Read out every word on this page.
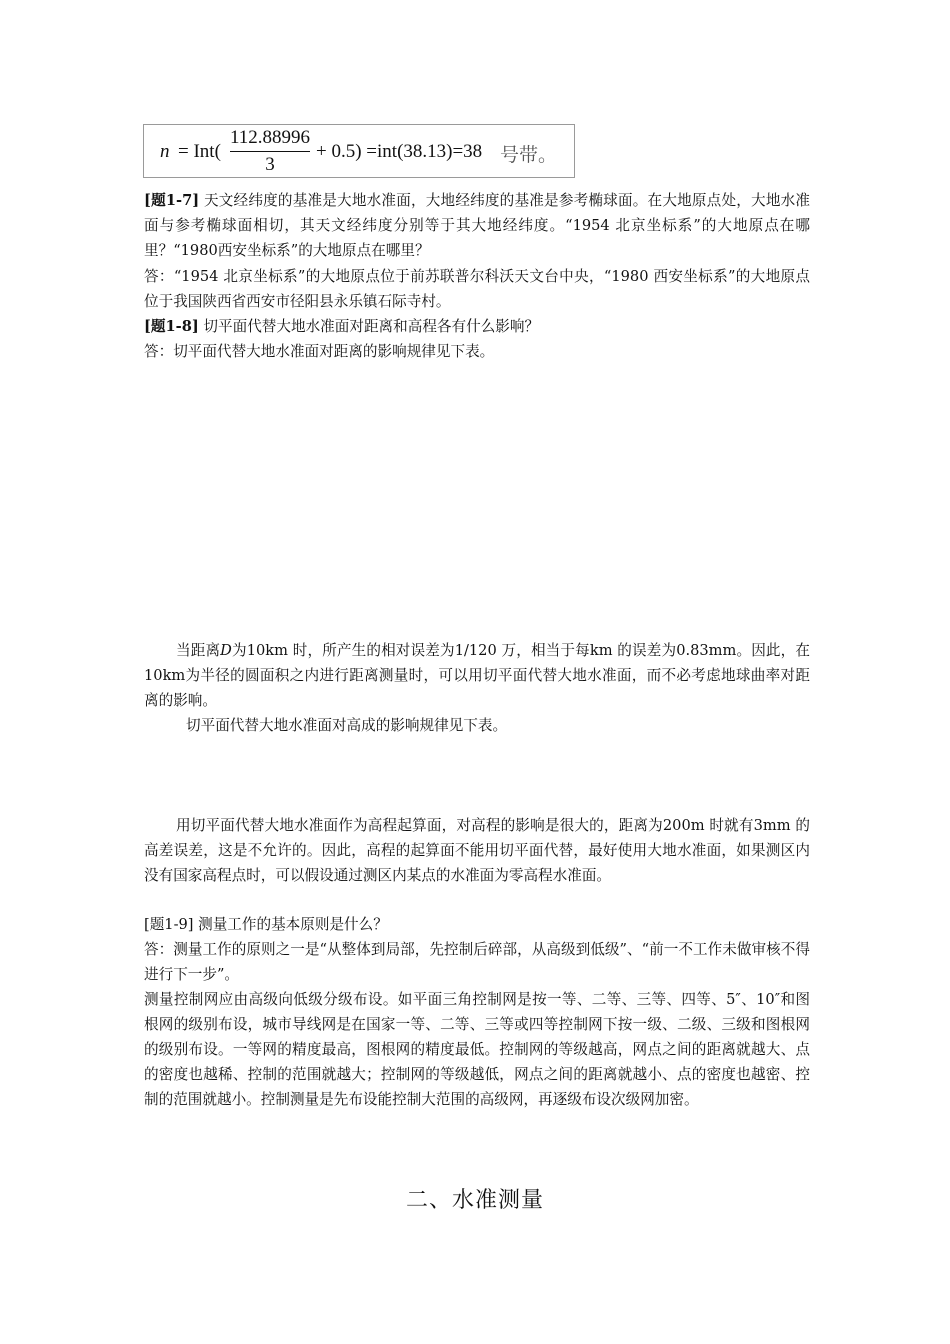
n = Int(
112.88996
3
+ 0.5) =int(38.13)=38 号带。

[题1-7] 天文经纬度的基准是大地水准面，大地经纬度的基准是参考椭球面。在大地原点处，大地水准面与参考椭球面相切，其天文经纬度分别等于其大地经纬度。“1954 北京坐标系”的大地原点在哪里？“1980西安坐标系”的大地原点在哪里？

答：“1954 北京坐标系”的大地原点位于前苏联普尔科沃天文台中央，“1980 西安坐标系”的大地原点位于我国陕西省西安市径阳县永乐镇石际寺村。

[题1-8] 切平面代替大地水准面对距离和高程各有什么影响？

答：切平面代替大地水准面对距离的影响规律见下表。

当距离D为10km 时，所产生的相对误差为1/120 万，相当于每km 的误差为0.83mm。因此，在10km为半径的圆面积之内进行距离测量时，可以用切平面代替大地水准面，而不必考虑地球曲率对距离的影响。

切平面代替大地水准面对高成的影响规律见下表。

用切平面代替大地水准面作为高程起算面，对高程的影响是很大的，距离为200m 时就有3mm 的高差误差，这是不允许的。因此，高程的起算面不能用切平面代替，最好使用大地水准面，如果测区内没有国家高程点时，可以假设通过测区内某点的水准面为零高程水准面。

[题1-9] 测量工作的基本原则是什么？

答：测量工作的原则之一是“从整体到局部，先控制后碎部，从高级到低级”、“前一不工作未做审核不得进行下一步”。

测量控制网应由高级向低级分级布设。如平面三角控制网是按一等、二等、三等、四等、5″、10″和图根网的级别布设，城市导线网是在国家一等、二等、三等或四等控制网下按一级、二级、三级和图根网的级别布设。一等网的精度最高，图根网的精度最低。控制网的等级越高，网点之间的距离就越大、点的密度也越稀、控制的范围就越大；控制网的等级越低，网点之间的距离就越小、点的密度也越密、控制的范围就越小。控制测量是先布设能控制大范围的高级网，再逐级布设次级网加密。

二、水准测量
